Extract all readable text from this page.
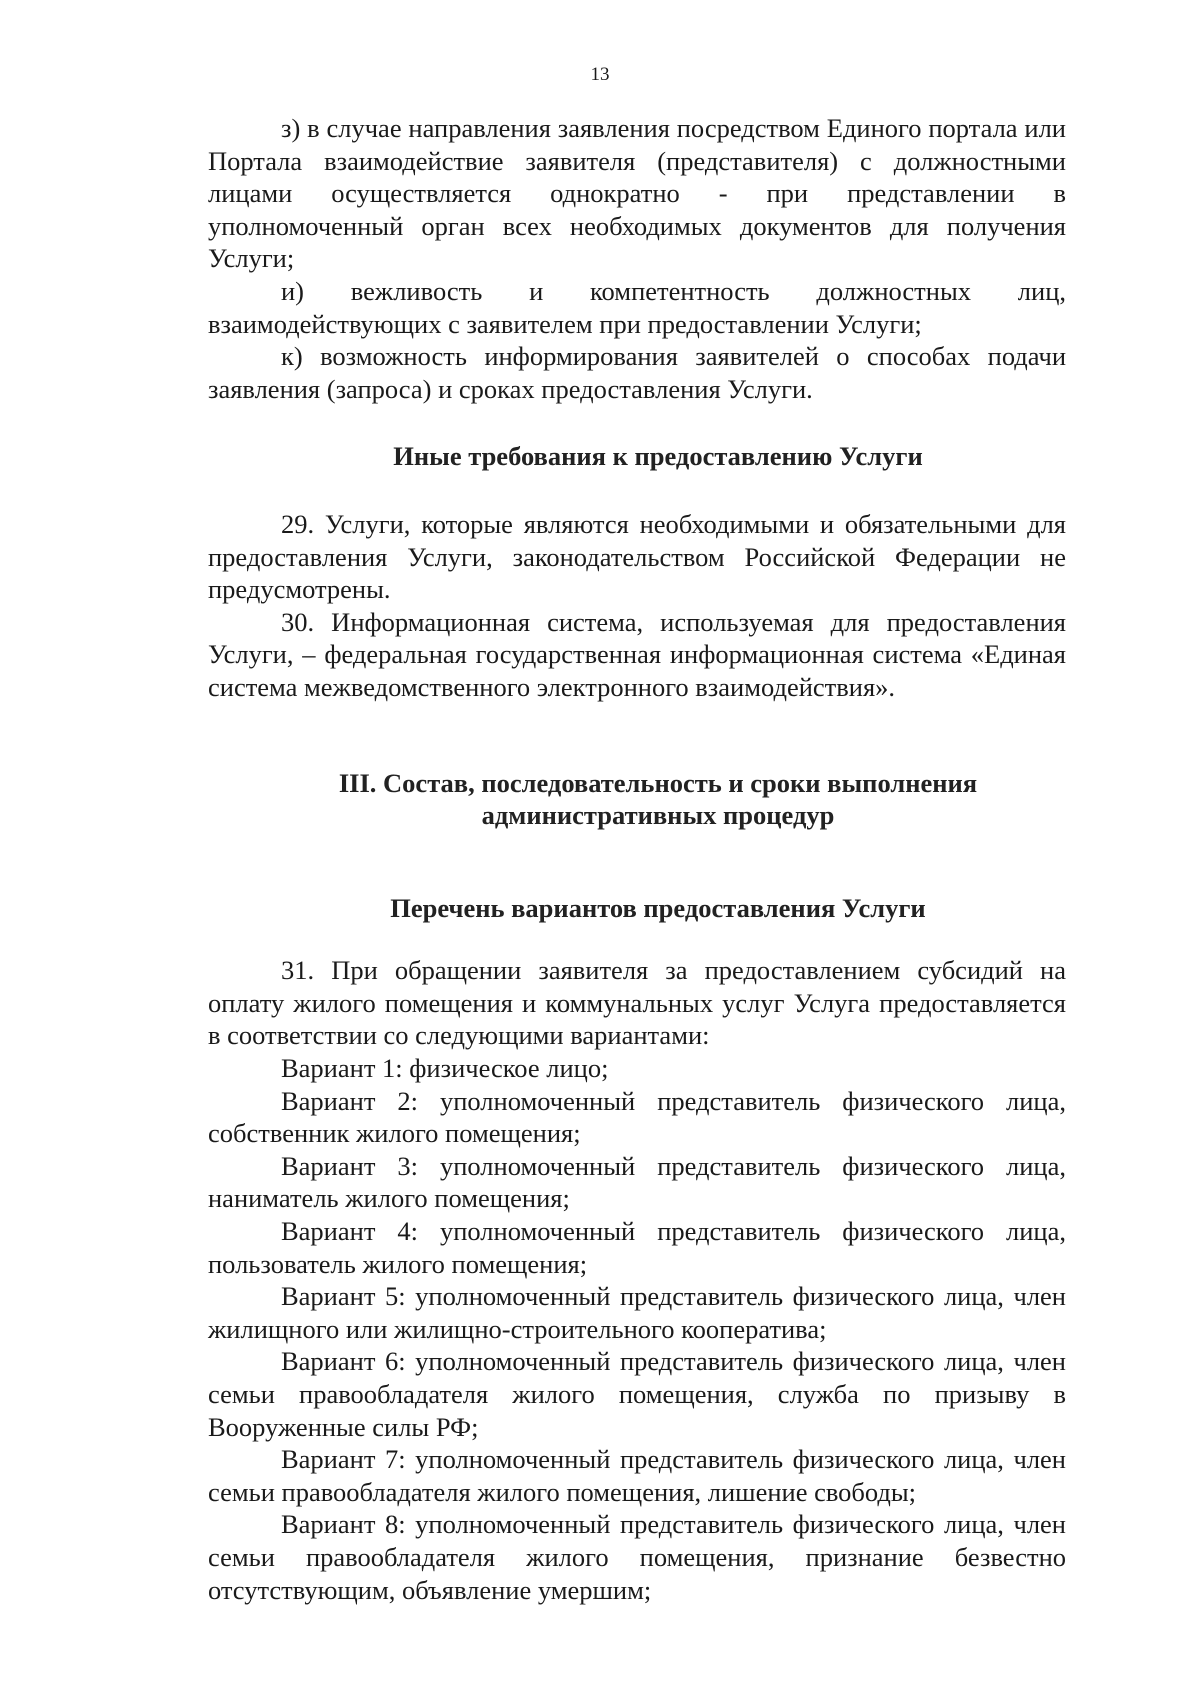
13

з) в случае направления заявления посредством Единого портала или Портала взаимодействие заявителя (представителя) с должностными лицами осуществляется однократно - при представлении в уполномоченный орган всех необходимых документов для получения Услуги;

и) вежливость и компетентность должностных лиц, взаимодействующих с заявителем при предоставлении Услуги;

к) возможность информирования заявителей о способах подачи заявления (запроса) и сроках предоставления Услуги.

Иные требования к предоставлению Услуги

29. Услуги, которые являются необходимыми и обязательными для предоставления Услуги, законодательством Российской Федерации не предусмотрены.

30. Информационная система, используемая для предоставления Услуги, – федеральная государственная информационная система «Единая система межведомственного электронного взаимодействия».

III. Состав, последовательность и сроки выполнения
административных процедур
Перечень вариантов предоставления Услуги

31. При обращении заявителя за предоставлением субсидий на оплату жилого помещения и коммунальных услуг Услуга предоставляется в соответствии со следующими вариантами:

Вариант 1: физическое лицо;

Вариант 2: уполномоченный представитель физического лица, собственник жилого помещения;

Вариант 3: уполномоченный представитель физического лица, наниматель жилого помещения;

Вариант 4: уполномоченный представитель физического лица, пользователь жилого помещения;

Вариант 5: уполномоченный представитель физического лица, член жилищного или жилищно-строительного кооператива;

Вариант 6: уполномоченный представитель физического лица, член семьи правообладателя жилого помещения, служба по призыву в Вооруженные силы РФ;

Вариант 7: уполномоченный представитель физического лица, член семьи правообладателя жилого помещения, лишение свободы;

Вариант 8: уполномоченный представитель физического лица, член семьи правообладателя жилого помещения, признание безвестно отсутствующим, объявление умершим;
